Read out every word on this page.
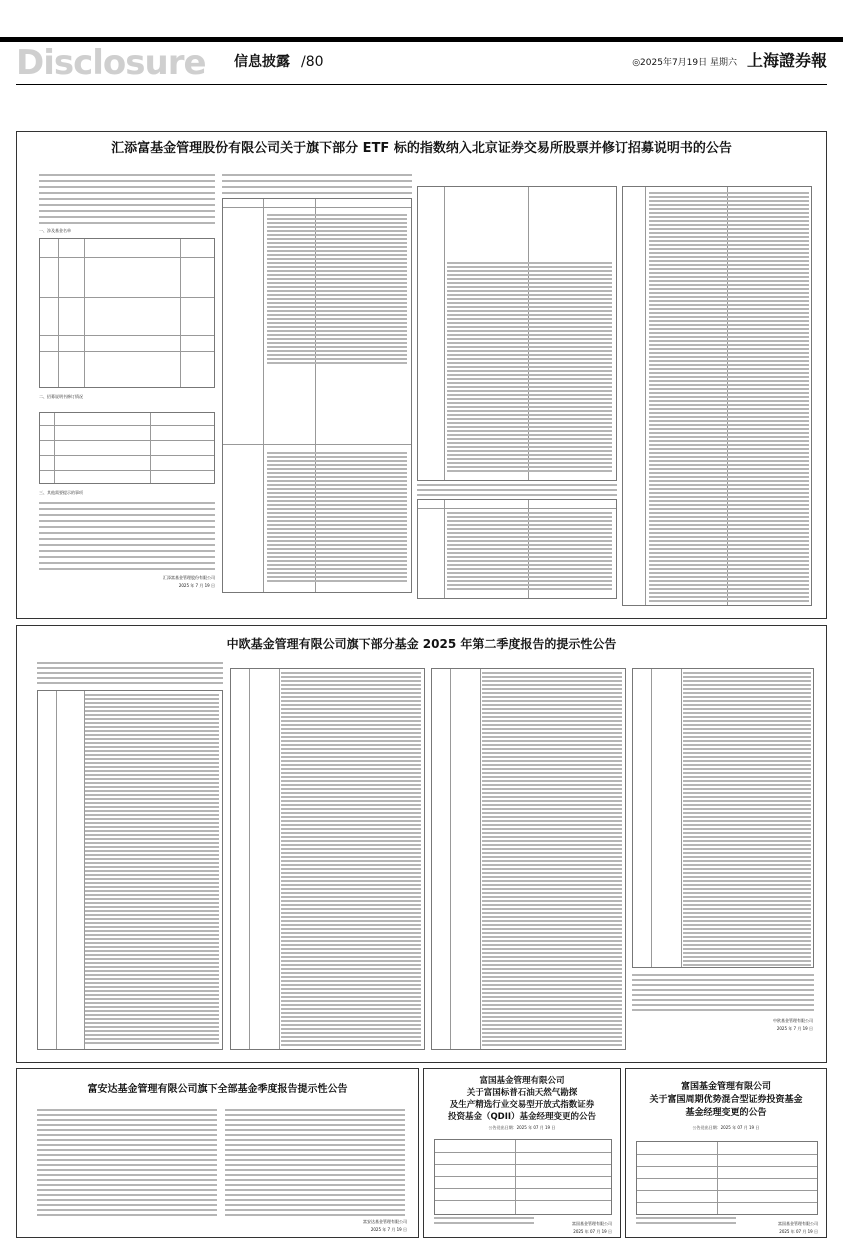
Disclosure 信息披露 /80	◎2025年7月19日 星期六 上海證券報
汇添富基金管理股份有限公司关于旗下部分 ETF 标的指数纳入北京证券交易所股票并修订招募说明书的公告
一、涉及基金名单
二、招募说明书修订情况
三、其他需要提示的事项
汇添富基金管理股份有限公司
2025 年 7 月 19 日
中欧基金管理有限公司旗下部分基金 2025 年第二季度报告的提示性公告
中欧基金管理有限公司
2025 年 7 月 19 日
富安达基金管理有限公司旗下全部基金季度报告提示性公告
富安达基金管理有限公司
2025 年 7 月 19 日
富国基金管理有限公司
关于富国标普石油天然气勘探
及生产精选行业交易型开放式指数证券
投资基金（QDII）基金经理变更的公告
公告送出日期：2025 年 07 月 19 日
富国基金管理有限公司
2025 年 07 月 19 日
富国基金管理有限公司
关于富国周期优势混合型证券投资基金
基金经理变更的公告
公告送出日期：2025 年 07 月 19 日
富国基金管理有限公司
2025 年 07 月 19 日
